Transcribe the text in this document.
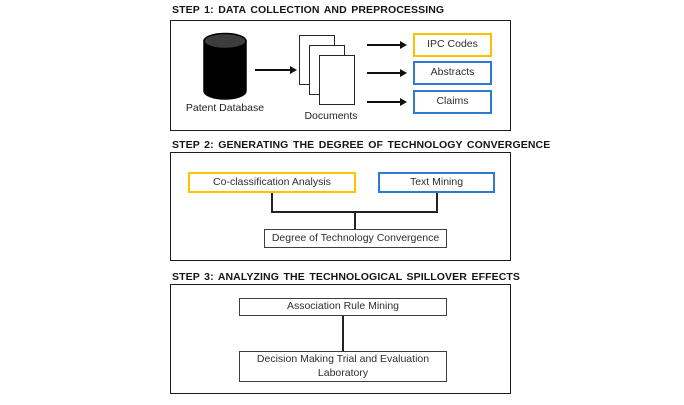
STEP 1: DATA COLLECTION AND PREPROCESSING
Patent Database
Documents
IPC Codes
Abstracts
Claims
STEP 2: GENERATING THE DEGREE OF TECHNOLOGY CONVERGENCE
Co-classification Analysis	Text Mining
Degree of Technology Convergence
STEP 3: ANALYZING THE TECHNOLOGICAL SPILLOVER EFFECTS
Association Rule Mining
Decision Making Trial and Evaluation Laboratory
